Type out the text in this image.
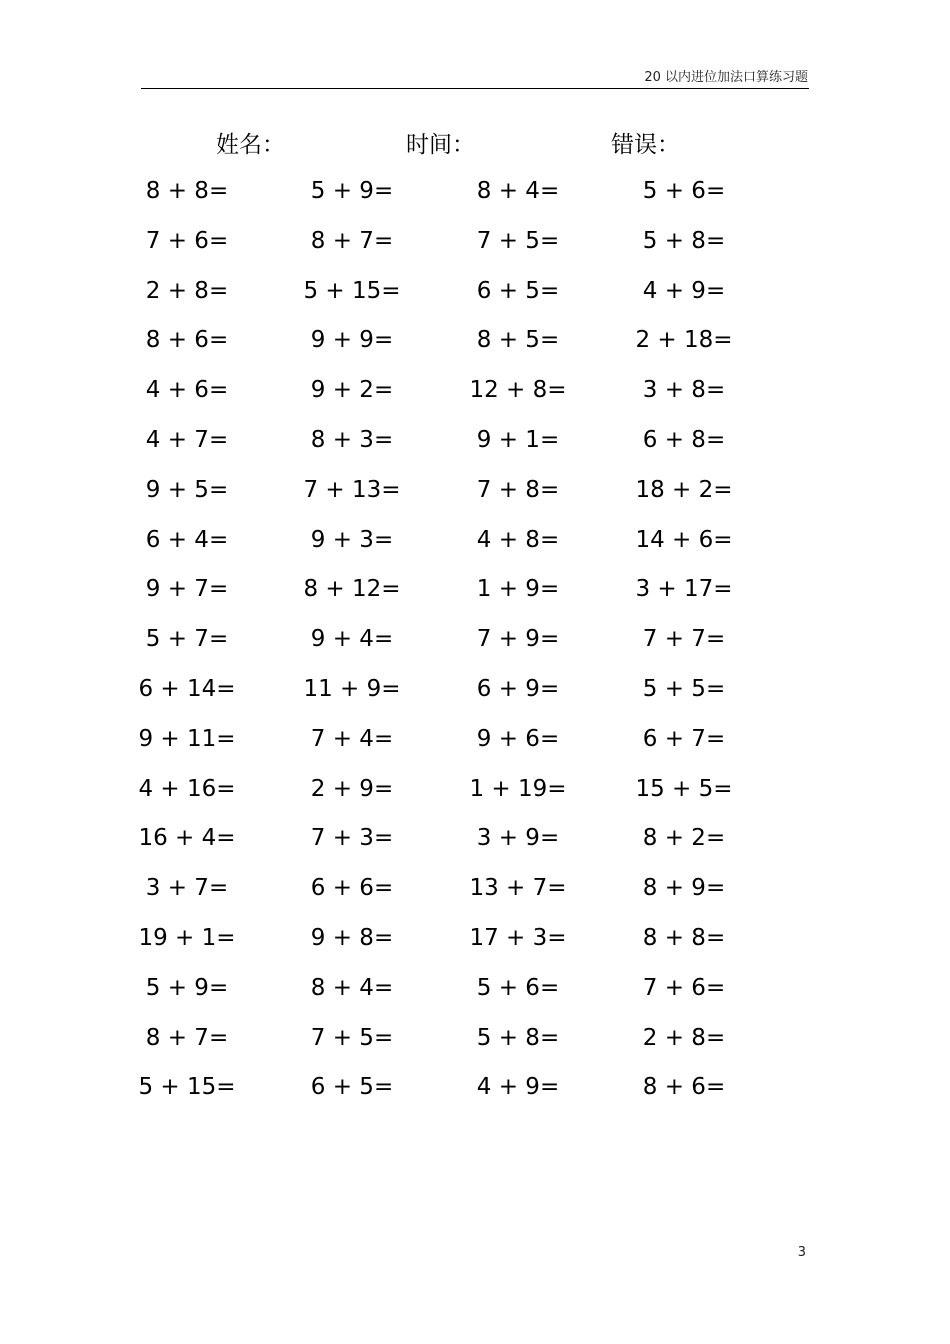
20 以内进位加法口算练习题
姓名：	时间：	错误：
8 + 8=	5 + 9=	8 + 4=	5 + 6=
7 + 6=	8 + 7=	7 + 5=	5 + 8=
2 + 8=	5 + 15=	6 + 5=	4 + 9=
8 + 6=	9 + 9=	8 + 5=	2 + 18=
4 + 6=	9 + 2=	12 + 8=	3 + 8=
4 + 7=	8 + 3=	9 + 1=	6 + 8=
9 + 5=	7 + 13=	7 + 8=	18 + 2=
6 + 4=	9 + 3=	4 + 8=	14 + 6=
9 + 7=	8 + 12=	1 + 9=	3 + 17=
5 + 7=	9 + 4=	7 + 9=	7 + 7=
6 + 14=	11 + 9=	6 + 9=	5 + 5=
9 + 11=	7 + 4=	9 + 6=	6 + 7=
4 + 16=	2 + 9=	1 + 19=	15 + 5=
16 + 4=	7 + 3=	3 + 9=	8 + 2=
3 + 7=	6 + 6=	13 + 7=	8 + 9=
19 + 1=	9 + 8=	17 + 3=	8 + 8=
5 + 9=	8 + 4=	5 + 6=	7 + 6=
8 + 7=	7 + 5=	5 + 8=	2 + 8=
5 + 15=	6 + 5=	4 + 9=	8 + 6=
3
